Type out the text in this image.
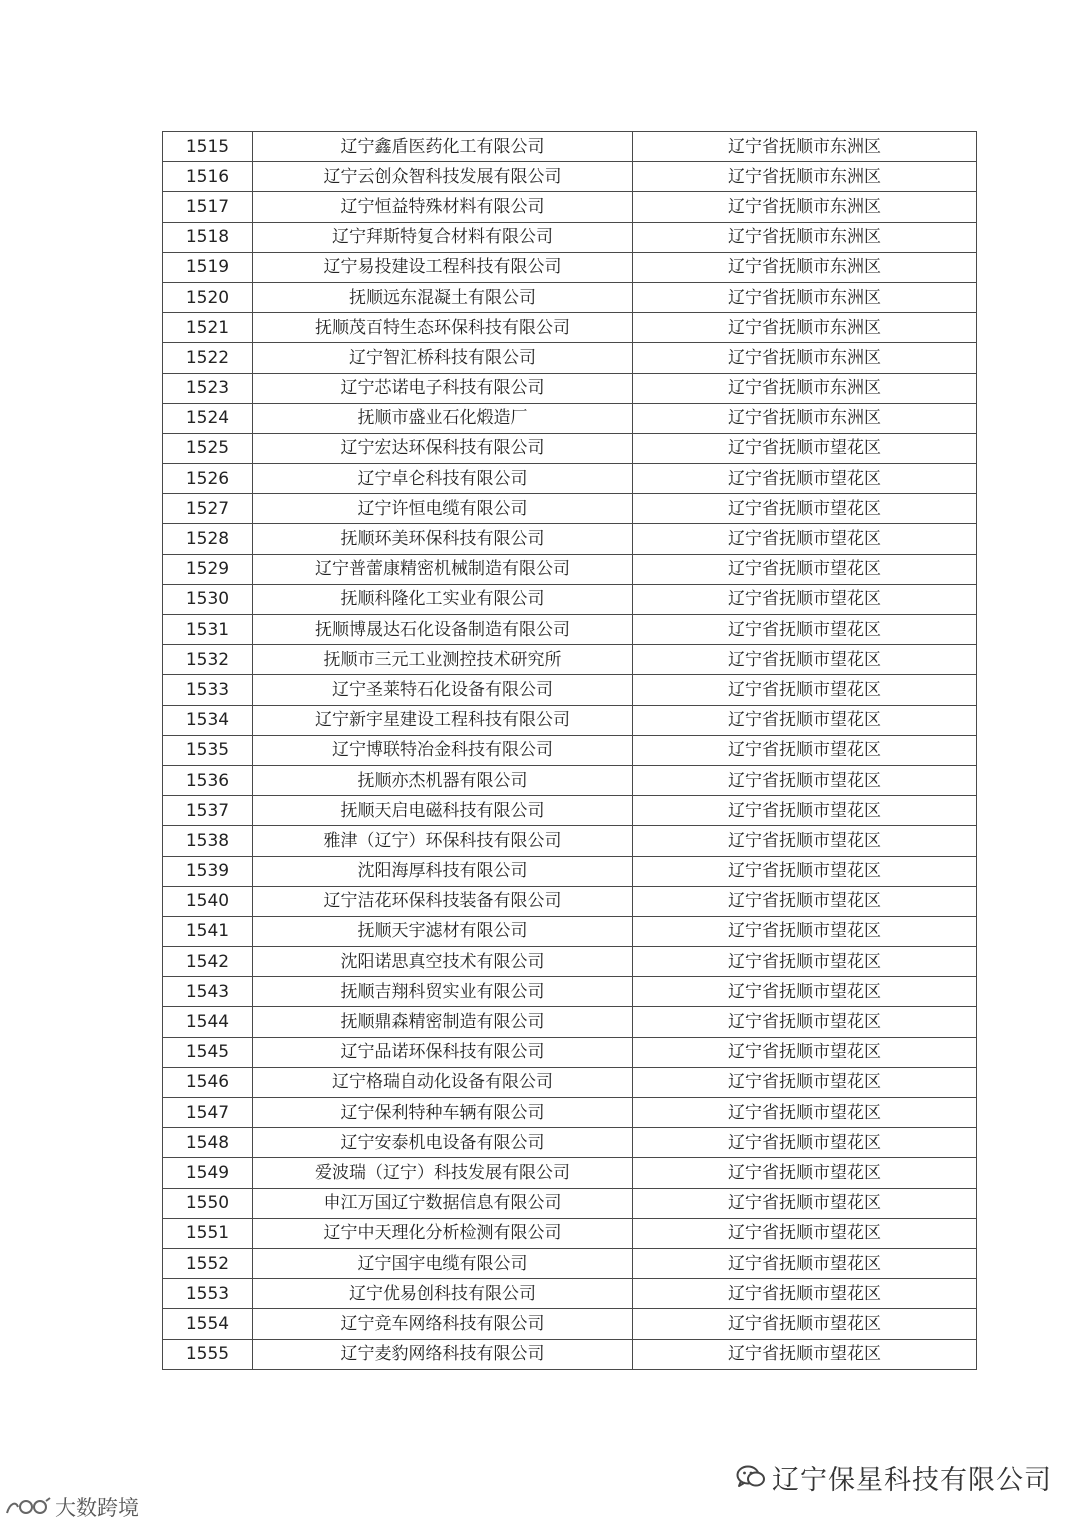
1515	辽宁鑫盾医药化工有限公司	辽宁省抚顺市东洲区
1516	辽宁云创众智科技发展有限公司	辽宁省抚顺市东洲区
1517	辽宁恒益特殊材料有限公司	辽宁省抚顺市东洲区
1518	辽宁拜斯特复合材料有限公司	辽宁省抚顺市东洲区
1519	辽宁易投建设工程科技有限公司	辽宁省抚顺市东洲区
1520	抚顺远东混凝土有限公司	辽宁省抚顺市东洲区
1521	抚顺茂百特生态环保科技有限公司	辽宁省抚顺市东洲区
1522	辽宁智汇桥科技有限公司	辽宁省抚顺市东洲区
1523	辽宁芯诺电子科技有限公司	辽宁省抚顺市东洲区
1524	抚顺市盛业石化煅造厂	辽宁省抚顺市东洲区
1525	辽宁宏达环保科技有限公司	辽宁省抚顺市望花区
1526	辽宁卓仑科技有限公司	辽宁省抚顺市望花区
1527	辽宁许恒电缆有限公司	辽宁省抚顺市望花区
1528	抚顺环美环保科技有限公司	辽宁省抚顺市望花区
1529	辽宁普蕾康精密机械制造有限公司	辽宁省抚顺市望花区
1530	抚顺科隆化工实业有限公司	辽宁省抚顺市望花区
1531	抚顺博晟达石化设备制造有限公司	辽宁省抚顺市望花区
1532	抚顺市三元工业测控技术研究所	辽宁省抚顺市望花区
1533	辽宁圣莱特石化设备有限公司	辽宁省抚顺市望花区
1534	辽宁新宇星建设工程科技有限公司	辽宁省抚顺市望花区
1535	辽宁博联特冶金科技有限公司	辽宁省抚顺市望花区
1536	抚顺亦杰机器有限公司	辽宁省抚顺市望花区
1537	抚顺天启电磁科技有限公司	辽宁省抚顺市望花区
1538	雅津（辽宁）环保科技有限公司	辽宁省抚顺市望花区
1539	沈阳海厚科技有限公司	辽宁省抚顺市望花区
1540	辽宁洁花环保科技装备有限公司	辽宁省抚顺市望花区
1541	抚顺天宇滤材有限公司	辽宁省抚顺市望花区
1542	沈阳诺思真空技术有限公司	辽宁省抚顺市望花区
1543	抚顺吉翔科贸实业有限公司	辽宁省抚顺市望花区
1544	抚顺鼎森精密制造有限公司	辽宁省抚顺市望花区
1545	辽宁品诺环保科技有限公司	辽宁省抚顺市望花区
1546	辽宁格瑞自动化设备有限公司	辽宁省抚顺市望花区
1547	辽宁保利特种车辆有限公司	辽宁省抚顺市望花区
1548	辽宁安泰机电设备有限公司	辽宁省抚顺市望花区
1549	爱波瑞（辽宁）科技发展有限公司	辽宁省抚顺市望花区
1550	申江万国辽宁数据信息有限公司	辽宁省抚顺市望花区
1551	辽宁中天理化分析检测有限公司	辽宁省抚顺市望花区
1552	辽宁国宇电缆有限公司	辽宁省抚顺市望花区
1553	辽宁优易创科技有限公司	辽宁省抚顺市望花区
1554	辽宁竞车网络科技有限公司	辽宁省抚顺市望花区
1555	辽宁麦豹网络科技有限公司	辽宁省抚顺市望花区
辽宁保星科技有限公司
大数跨境
